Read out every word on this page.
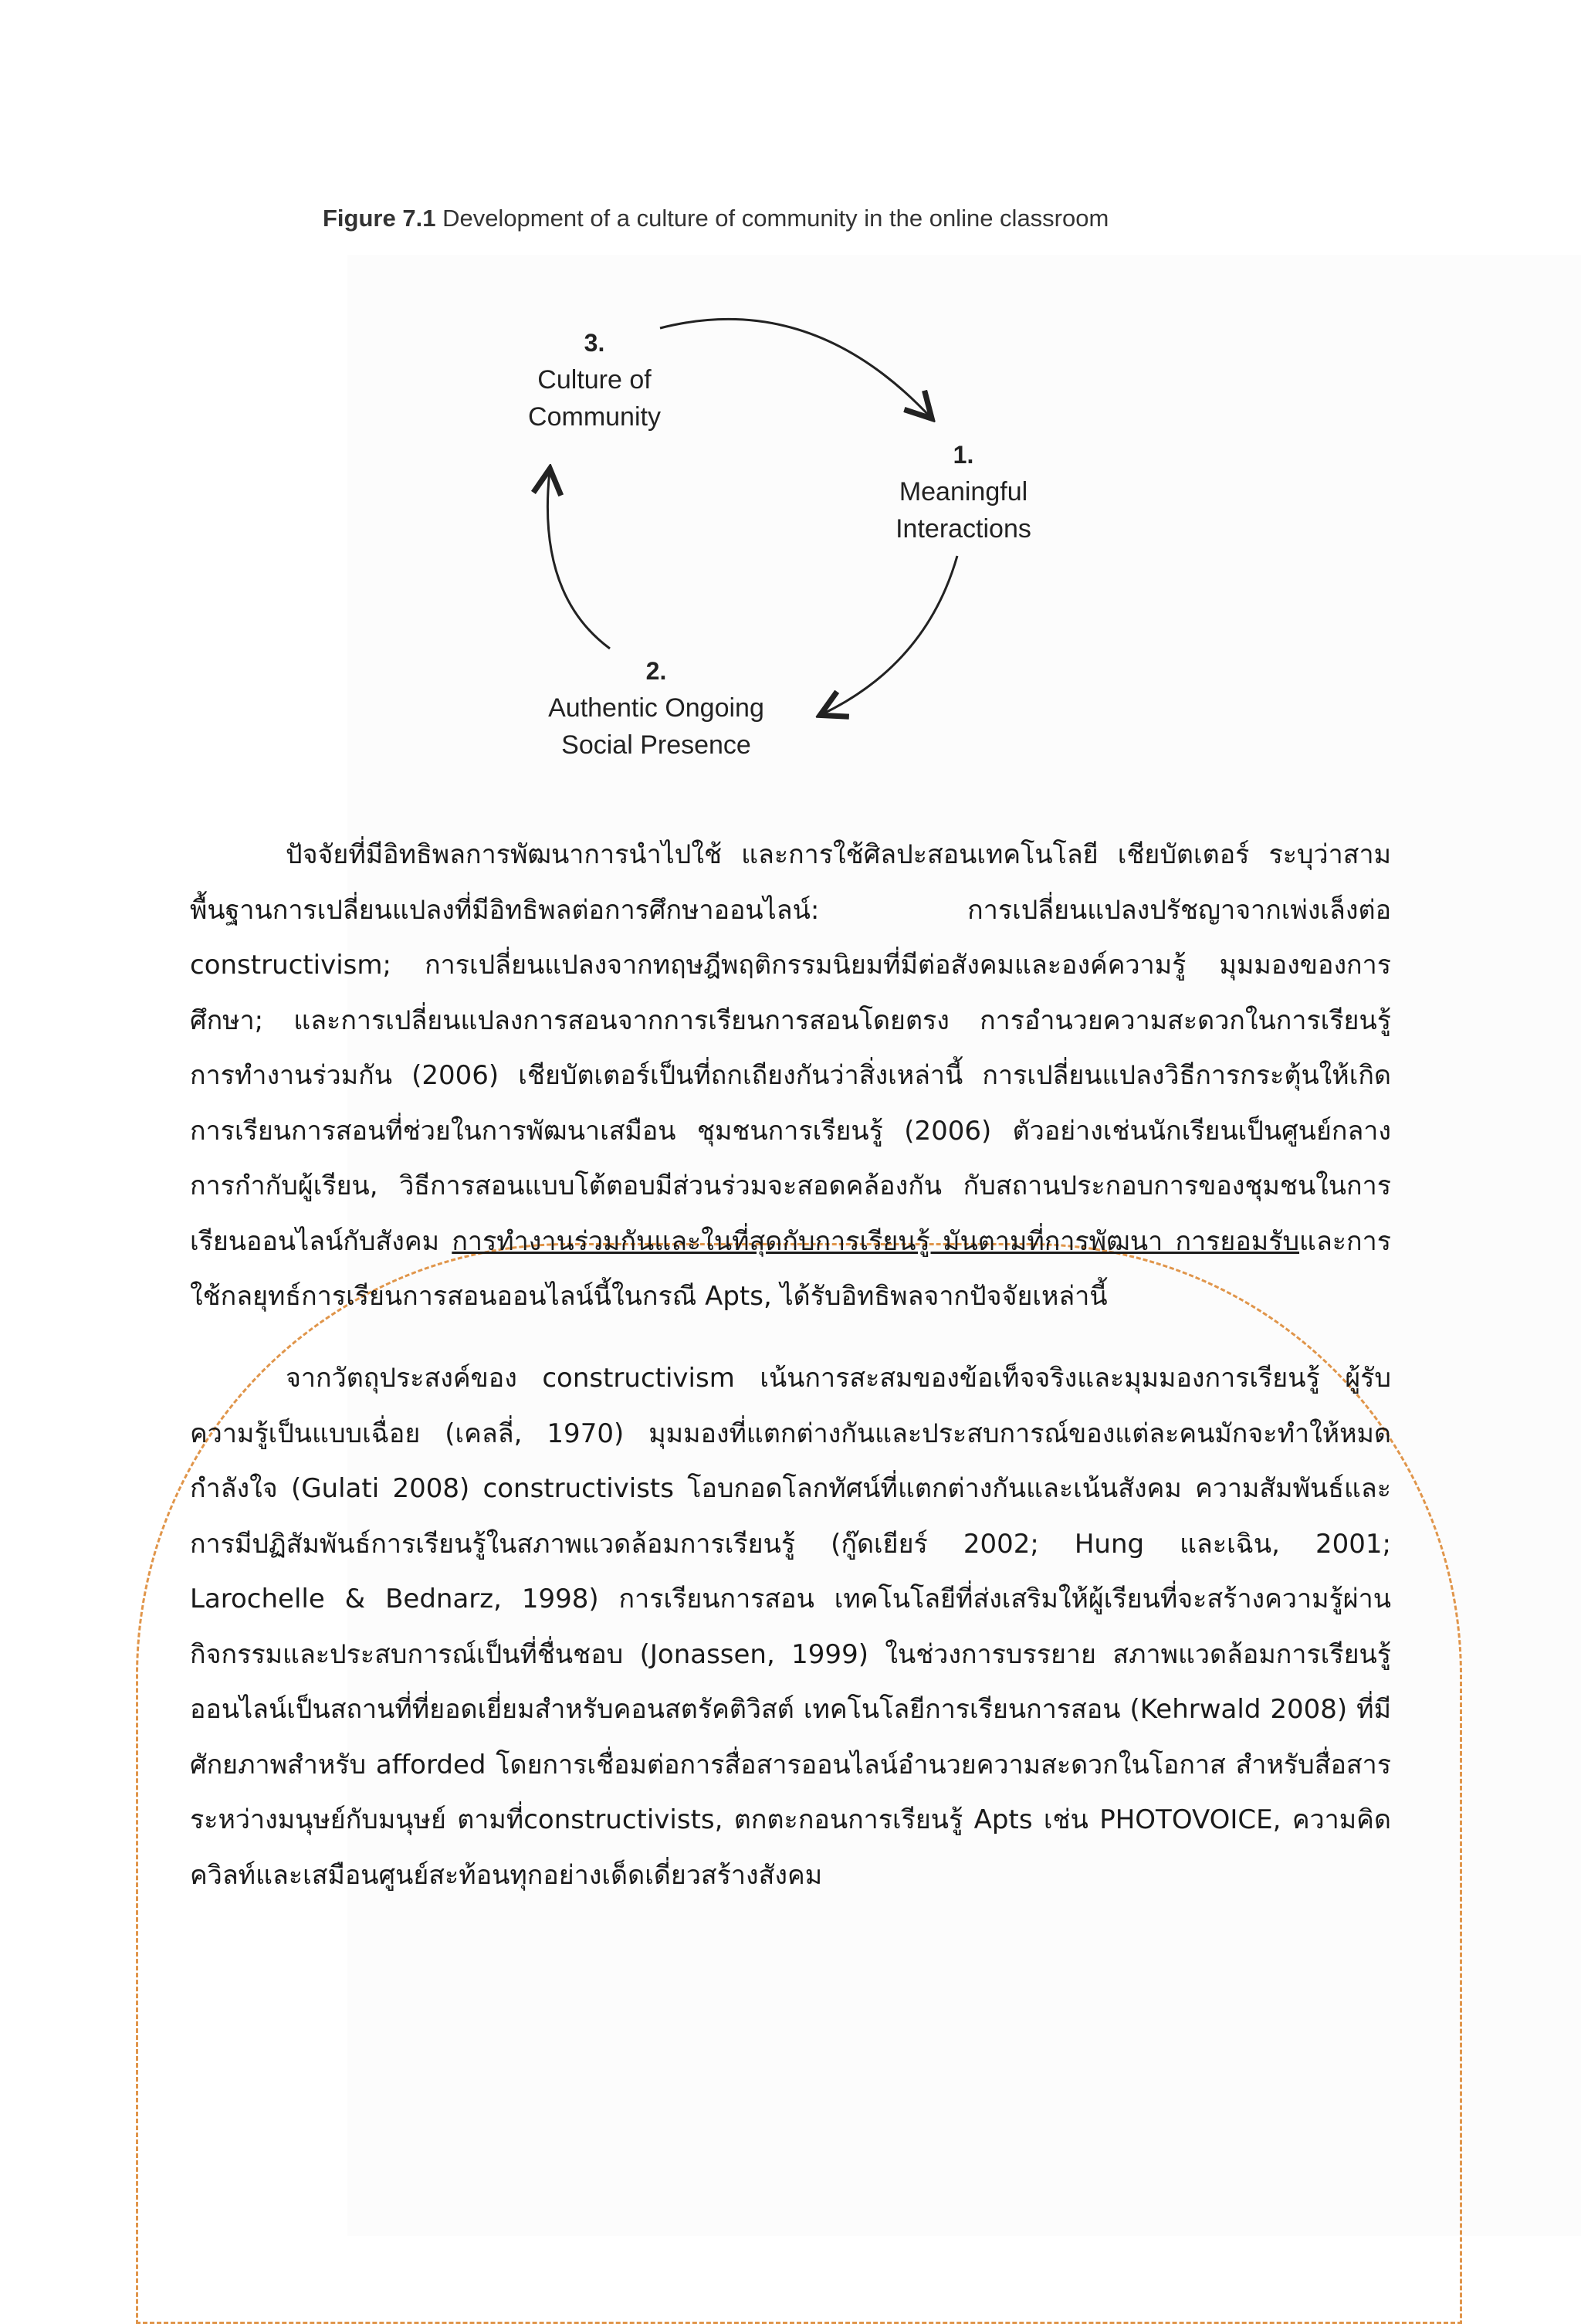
Figure 7.1 Development of a culture of community in the online classroom
3.
Culture of
Community
1.
Meaningful
Interactions
2.
Authentic Ongoing
Social Presence

ปัจจัยที่มีอิทธิพลการพัฒนาการนำไปใช้ และการใช้ศิลปะสอนเทคโนโลยี เชียบัตเตอร์ ระบุว่าสามพื้นฐานการเปลี่ยนแปลงที่มีอิทธิพลต่อการศึกษาออนไลน์: การเปลี่ยนแปลงปรัชญาจากเพ่งเล็งต่อ constructivism; การเปลี่ยนแปลงจากทฤษฎีพฤติกรรมนิยมที่มีต่อสังคมและองค์ความรู้ มุมมองของการศึกษา; และการเปลี่ยนแปลงการสอนจากการเรียนการสอนโดยตรง การอำนวยความสะดวกในการเรียนรู้การทำงานร่วมกัน (2006) เชียบัตเตอร์เป็นที่ถกเถียงกันว่าสิ่งเหล่านี้ การเปลี่ยนแปลงวิธีการกระตุ้นให้เกิดการเรียนการสอนที่ช่วยในการพัฒนาเสมือน ชุมชนการเรียนรู้ (2006) ตัวอย่างเช่นนักเรียนเป็นศูนย์กลาง การกำกับผู้เรียน, วิธีการสอนแบบโต้ตอบมีส่วนร่วมจะสอดคล้องกัน กับสถานประกอบการของชุมชนในการเรียนออนไลน์กับสังคม การทำงานร่วมกันและในที่สุดกับการเรียนรู้ มันตามที่การพัฒนา การยอมรับและการใช้กลยุทธ์การเรียนการสอนออนไลน์นี้ในกรณี Apts, ได้รับอิทธิพลจากปัจจัยเหล่านี้

จากวัตถุประสงค์ของ constructivism เน้นการสะสมของข้อเท็จจริงและมุมมองการเรียนรู้ ผู้รับความรู้เป็นแบบเฉื่อย (เคลลี่, 1970) มุมมองที่แตกต่างกันและประสบการณ์ของแต่ละคนมักจะทำให้หมดกำลังใจ (Gulati 2008) constructivists โอบกอดโลกทัศน์ที่แตกต่างกันและเน้นสังคม ความสัมพันธ์และการมีปฏิสัมพันธ์การเรียนรู้ในสภาพแวดล้อมการเรียนรู้ (กู๊ดเยียร์ 2002; Hung และเฉิน, 2001; Larochelle & Bednarz, 1998) การเรียนการสอน เทคโนโลยีที่ส่งเสริมให้ผู้เรียนที่จะสร้างความรู้ผ่าน กิจกรรมและประสบการณ์เป็นที่ชื่นชอบ (Jonassen, 1999) ในช่วงการบรรยาย สภาพแวดล้อมการเรียนรู้ออนไลน์เป็นสถานที่ที่ยอดเยี่ยมสำหรับคอนสตรัคติวิสต์ เทคโนโลยีการเรียนการสอน (Kehrwald 2008) ที่มีศักยภาพสำหรับ afforded โดยการเชื่อมต่อการสื่อสารออนไลน์อำนวยความสะดวกในโอกาส สำหรับสื่อสารระหว่างมนุษย์กับมนุษย์ ตามที่constructivists, ตกตะกอนการเรียนรู้ Apts เช่น PHOTOVOICE, ความคิด ควิลท์และเสมือนศูนย์สะท้อนทุกอย่างเด็ดเดี่ยวสร้างสังคม
